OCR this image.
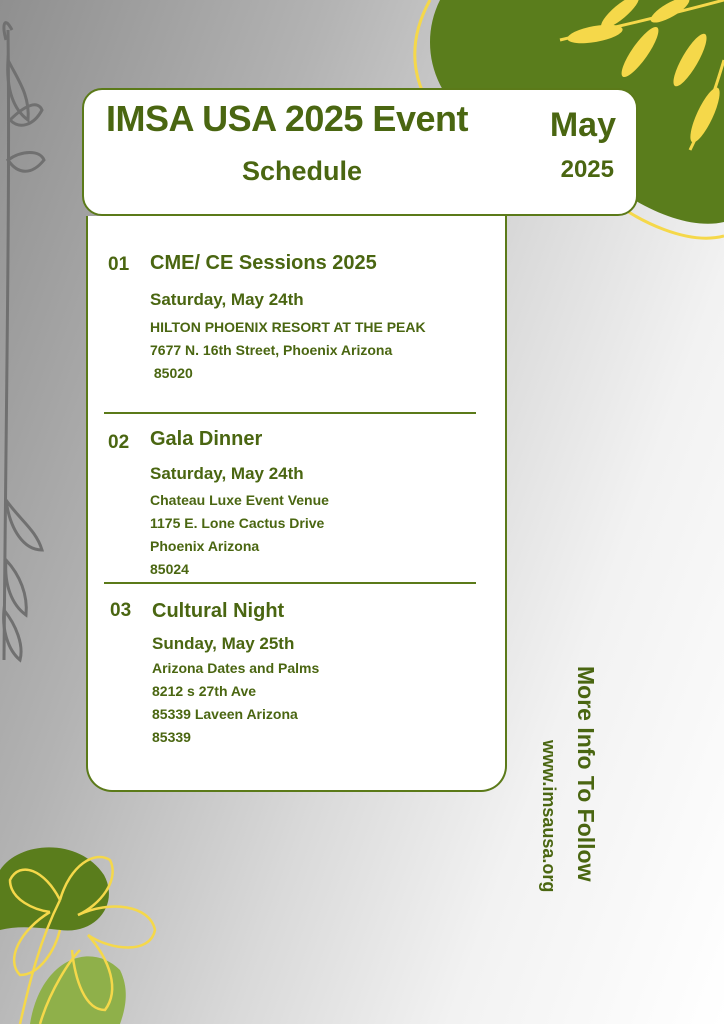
IMSA USA 2025 Event
Schedule
May
2025
01 CME/ CE Sessions 2025
Saturday, May 24th
HILTON PHOENIX RESORT AT THE PEAK
7677 N. 16th Street, Phoenix Arizona
85020
02 Gala Dinner
Saturday, May 24th
Chateau Luxe Event Venue
1175 E. Lone Cactus Drive
Phoenix Arizona
85024
03 Cultural Night
Sunday, May 25th
Arizona Dates and Palms
8212 s 27th Ave
85339 Laveen Arizona
85339	More Info To Follow
www.imsausa.org
